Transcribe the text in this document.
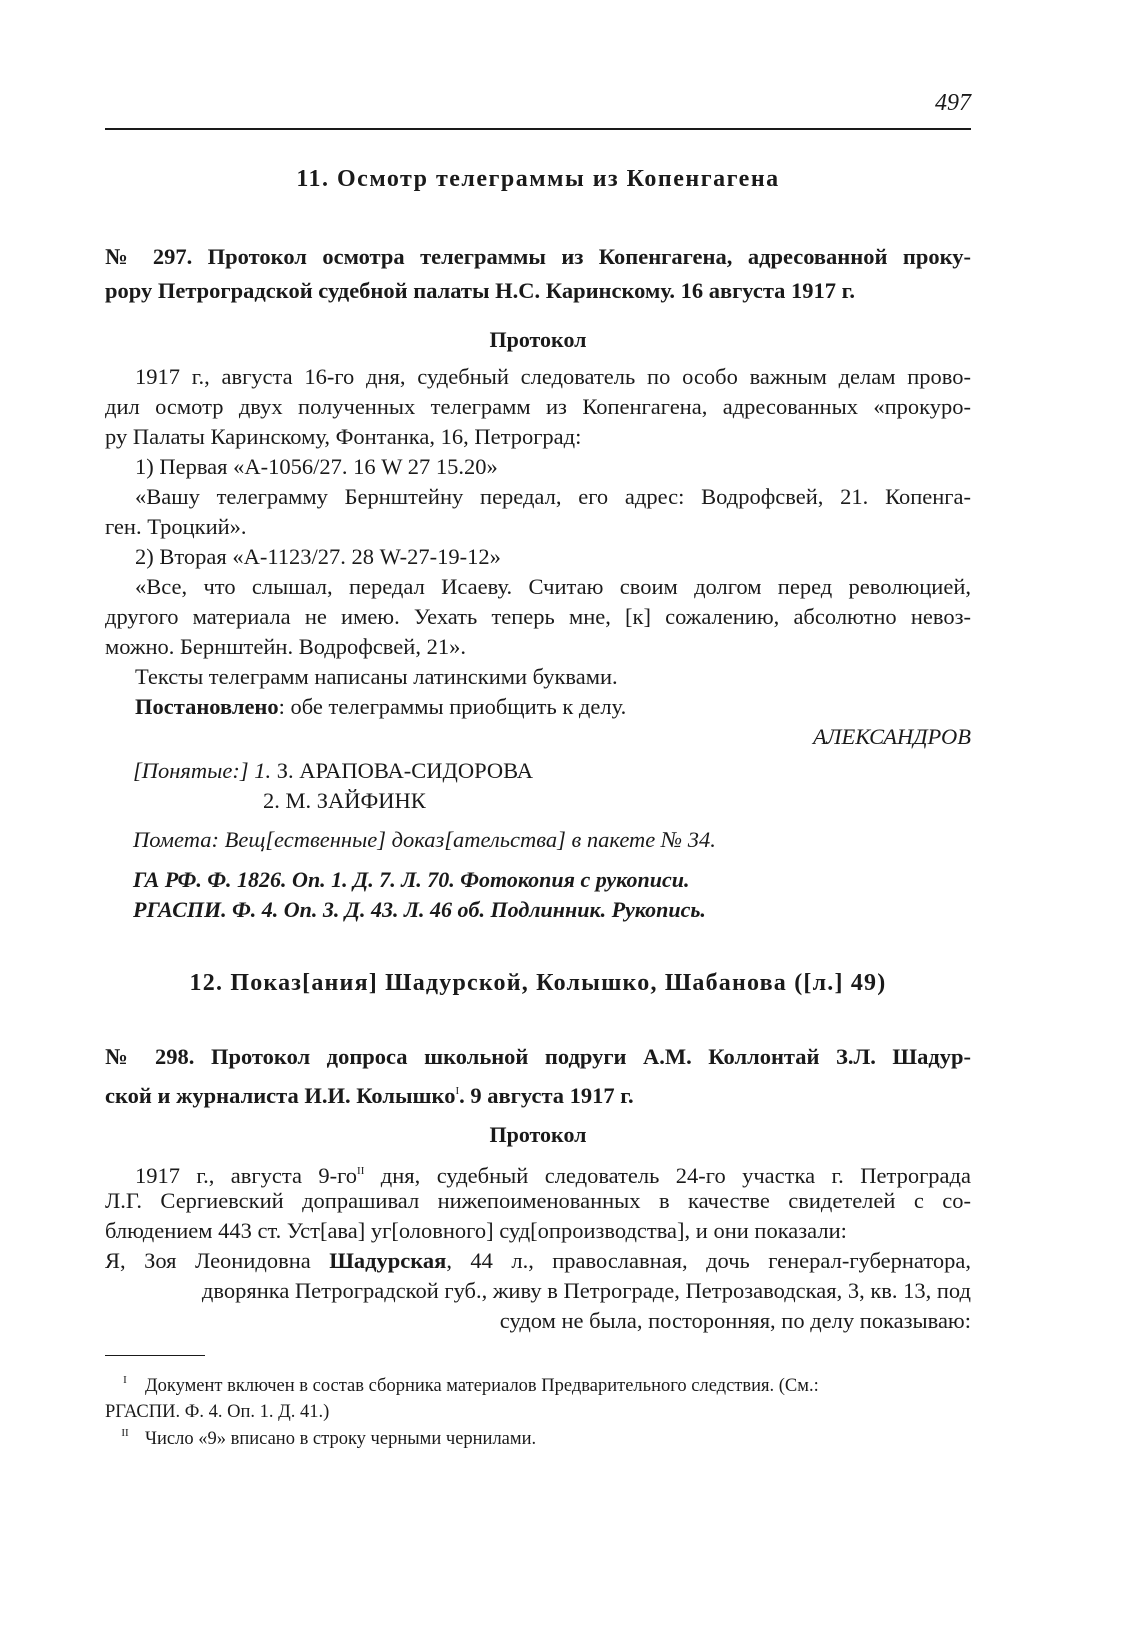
497
11. Осмотр телеграммы из Копенгагена
№ 297. Протокол осмотра телеграммы из Копенгагена, адресованной проку-
рору Петроградской судебной палаты Н.С. Каринскому. 16 августа 1917 г.
Протокол
1917 г., августа 16-го дня, судебный следователь по особо важным делам прово-
дил осмотр двух полученных телеграмм из Копенгагена, адресованных «прокуро-
ру Палаты Каринскому, Фонтанка, 16, Петроград:
1) Первая «А-1056/27. 16 W 27 15.20»
«Вашу телеграмму Бернштейну передал, его адрес: Водрофсвей, 21. Копенга-
ген. Троцкий».
2) Вторая «А-1123/27. 28 W-27-19-12»
«Все, что слышал, передал Исаеву. Считаю своим долгом перед революцией,
другого материала не имею. Уехать теперь мне, [к] сожалению, абсолютно невоз-
можно. Бернштейн. Водрофсвей, 21».
Тексты телеграмм написаны латинскими буквами.
Постановлено: обе телеграммы приобщить к делу.
АЛЕКСАНДРОВ
[Понятые:] 1. З. АРАПОВА-СИДОРОВА
2. М. ЗАЙФИНК
Помета: Вещ[ественные] доказ[ательства] в пакете № 34.
ГА РФ. Ф. 1826. Оп. 1. Д. 7. Л. 70. Фотокопия с рукописи.
РГАСПИ. Ф. 4. Оп. 3. Д. 43. Л. 46 об. Подлинник. Рукопись.
12. Показ[ания] Шадурской, Колышко, Шабанова ([л.] 49)
№ 298. Протокол допроса школьной подруги А.М. Коллонтай З.Л. Шадур-
ской и журналиста И.И. Колышко$^I$. 9 августа 1917 г.
Протокол
1917 г., августа $9-го^{II}$ дня, судебный следователь 24-го участка г. Петрограда
Л.Г. Сергиевский допрашивал нижепоименованных в качестве свидетелей с со-
блюдением 443 ст. Уст[ава] уг[оловного] суд[опроизводства], и они показали:
Я, Зоя Леонидовна Шадурская, 44 л., православная, дочь генерал-губернатора,
дворянка Петроградской губ., живу в Петрограде, Петрозаводская, 3, кв. 13, под
судом не была, посторонняя, по делу показываю:
I Документ включен в состав сборника материалов Предварительного следствия. (См.:
РГАСПИ. Ф. 4. Оп. 1. Д. 41.)
II Число «9» вписано в строку черными чернилами.
